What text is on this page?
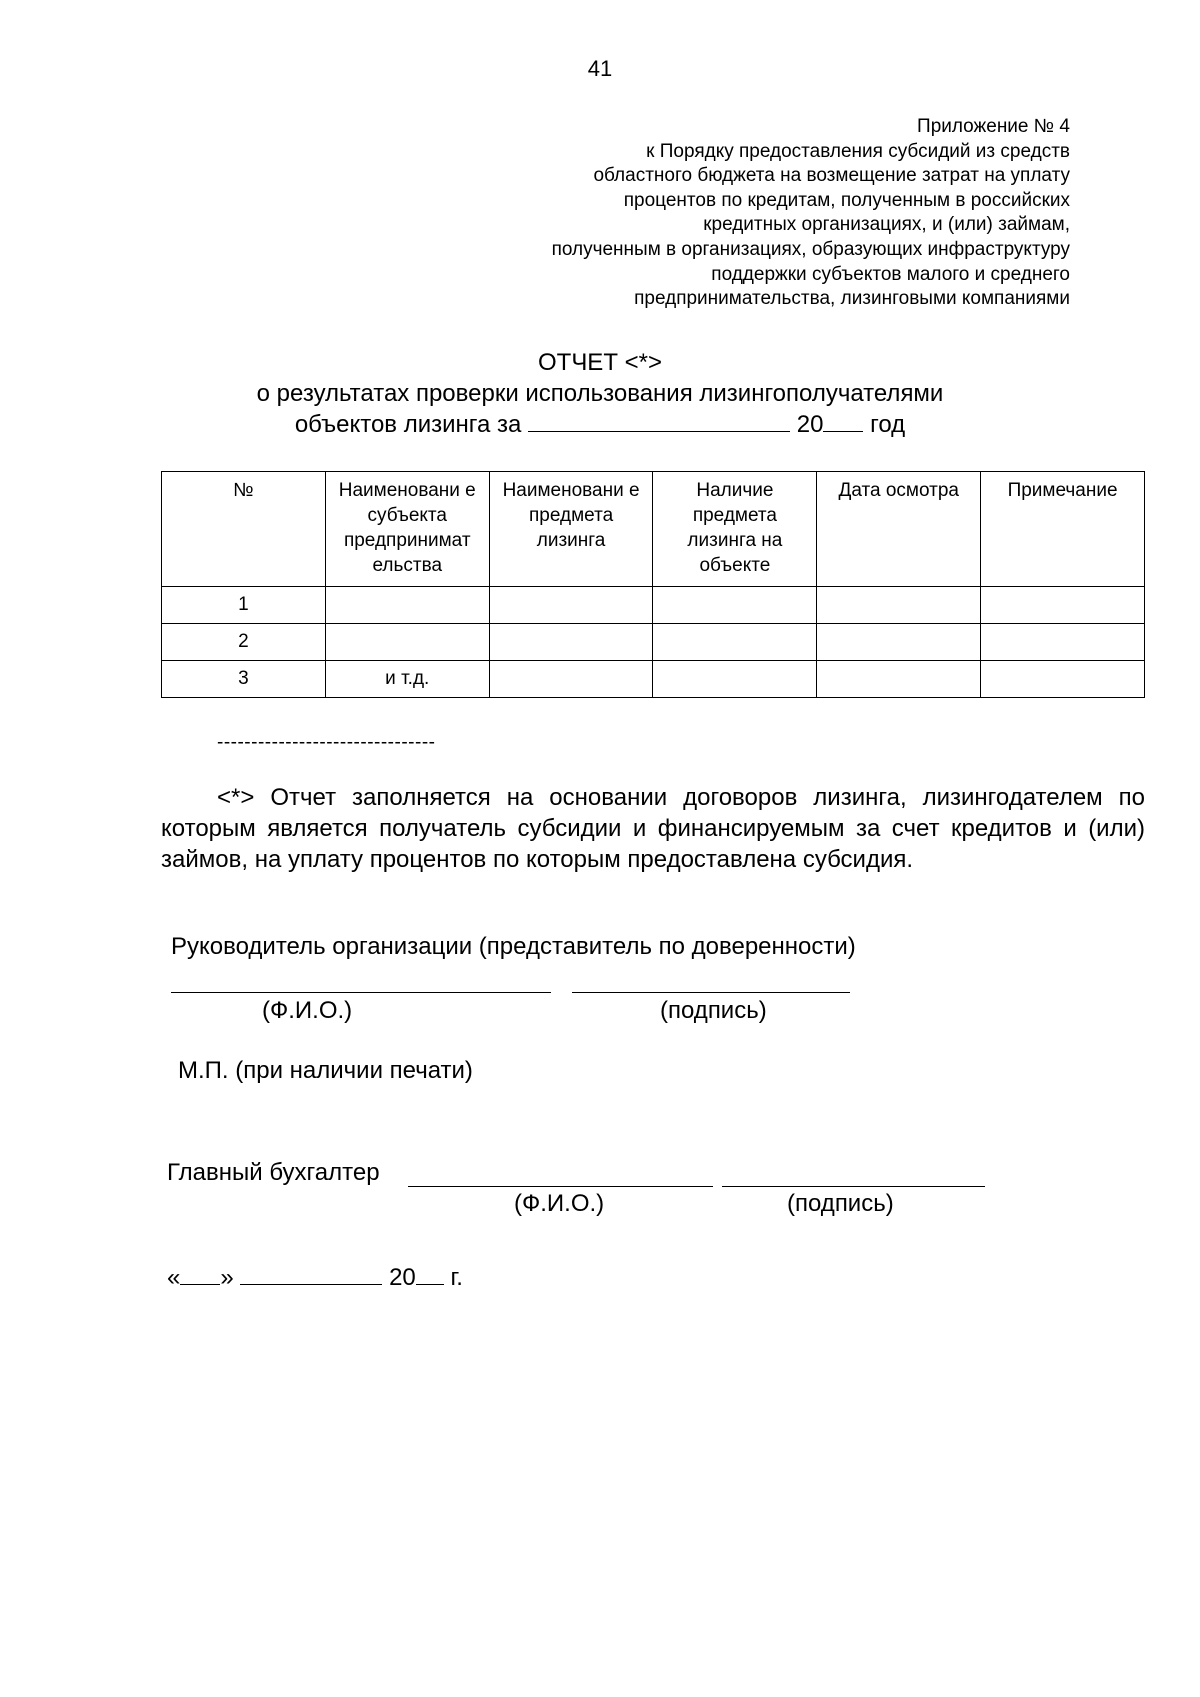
41
Приложение № 4
к Порядку предоставления субсидий из средств
областного бюджета на возмещение затрат на уплату
процентов по кредитам, полученным в российских
кредитных организациях, и (или) займам,
полученным в организациях, образующих инфраструктуру
поддержки субъектов малого и среднего
предпринимательства, лизинговыми компаниями
ОТЧЕТ <*>
о результатах проверки использования лизингополучателями
объектов лизинга за	20 год
№	Наименовани е субъекта предпринимат ельства	Наименовани е предмета лизинга	Наличие предмета лизинга на объекте	Дата осмотра	Примечание
1					
2					
3	и т.д.				
--------------------------------

<*> Отчет заполняется на основании договоров лизинга, лизингодателем по которым является получатель субсидии и финансируемым за счет кредитов и (или) займов, на уплату процентов по которым предоставлена субсидия.

Руководитель организации (представитель по доверенности)
(Ф.И.О.)	(подпись)
М.П. (при наличии печати)
Главный бухгалтер
(Ф.И.О.)	(подпись)
« »	20 г.
